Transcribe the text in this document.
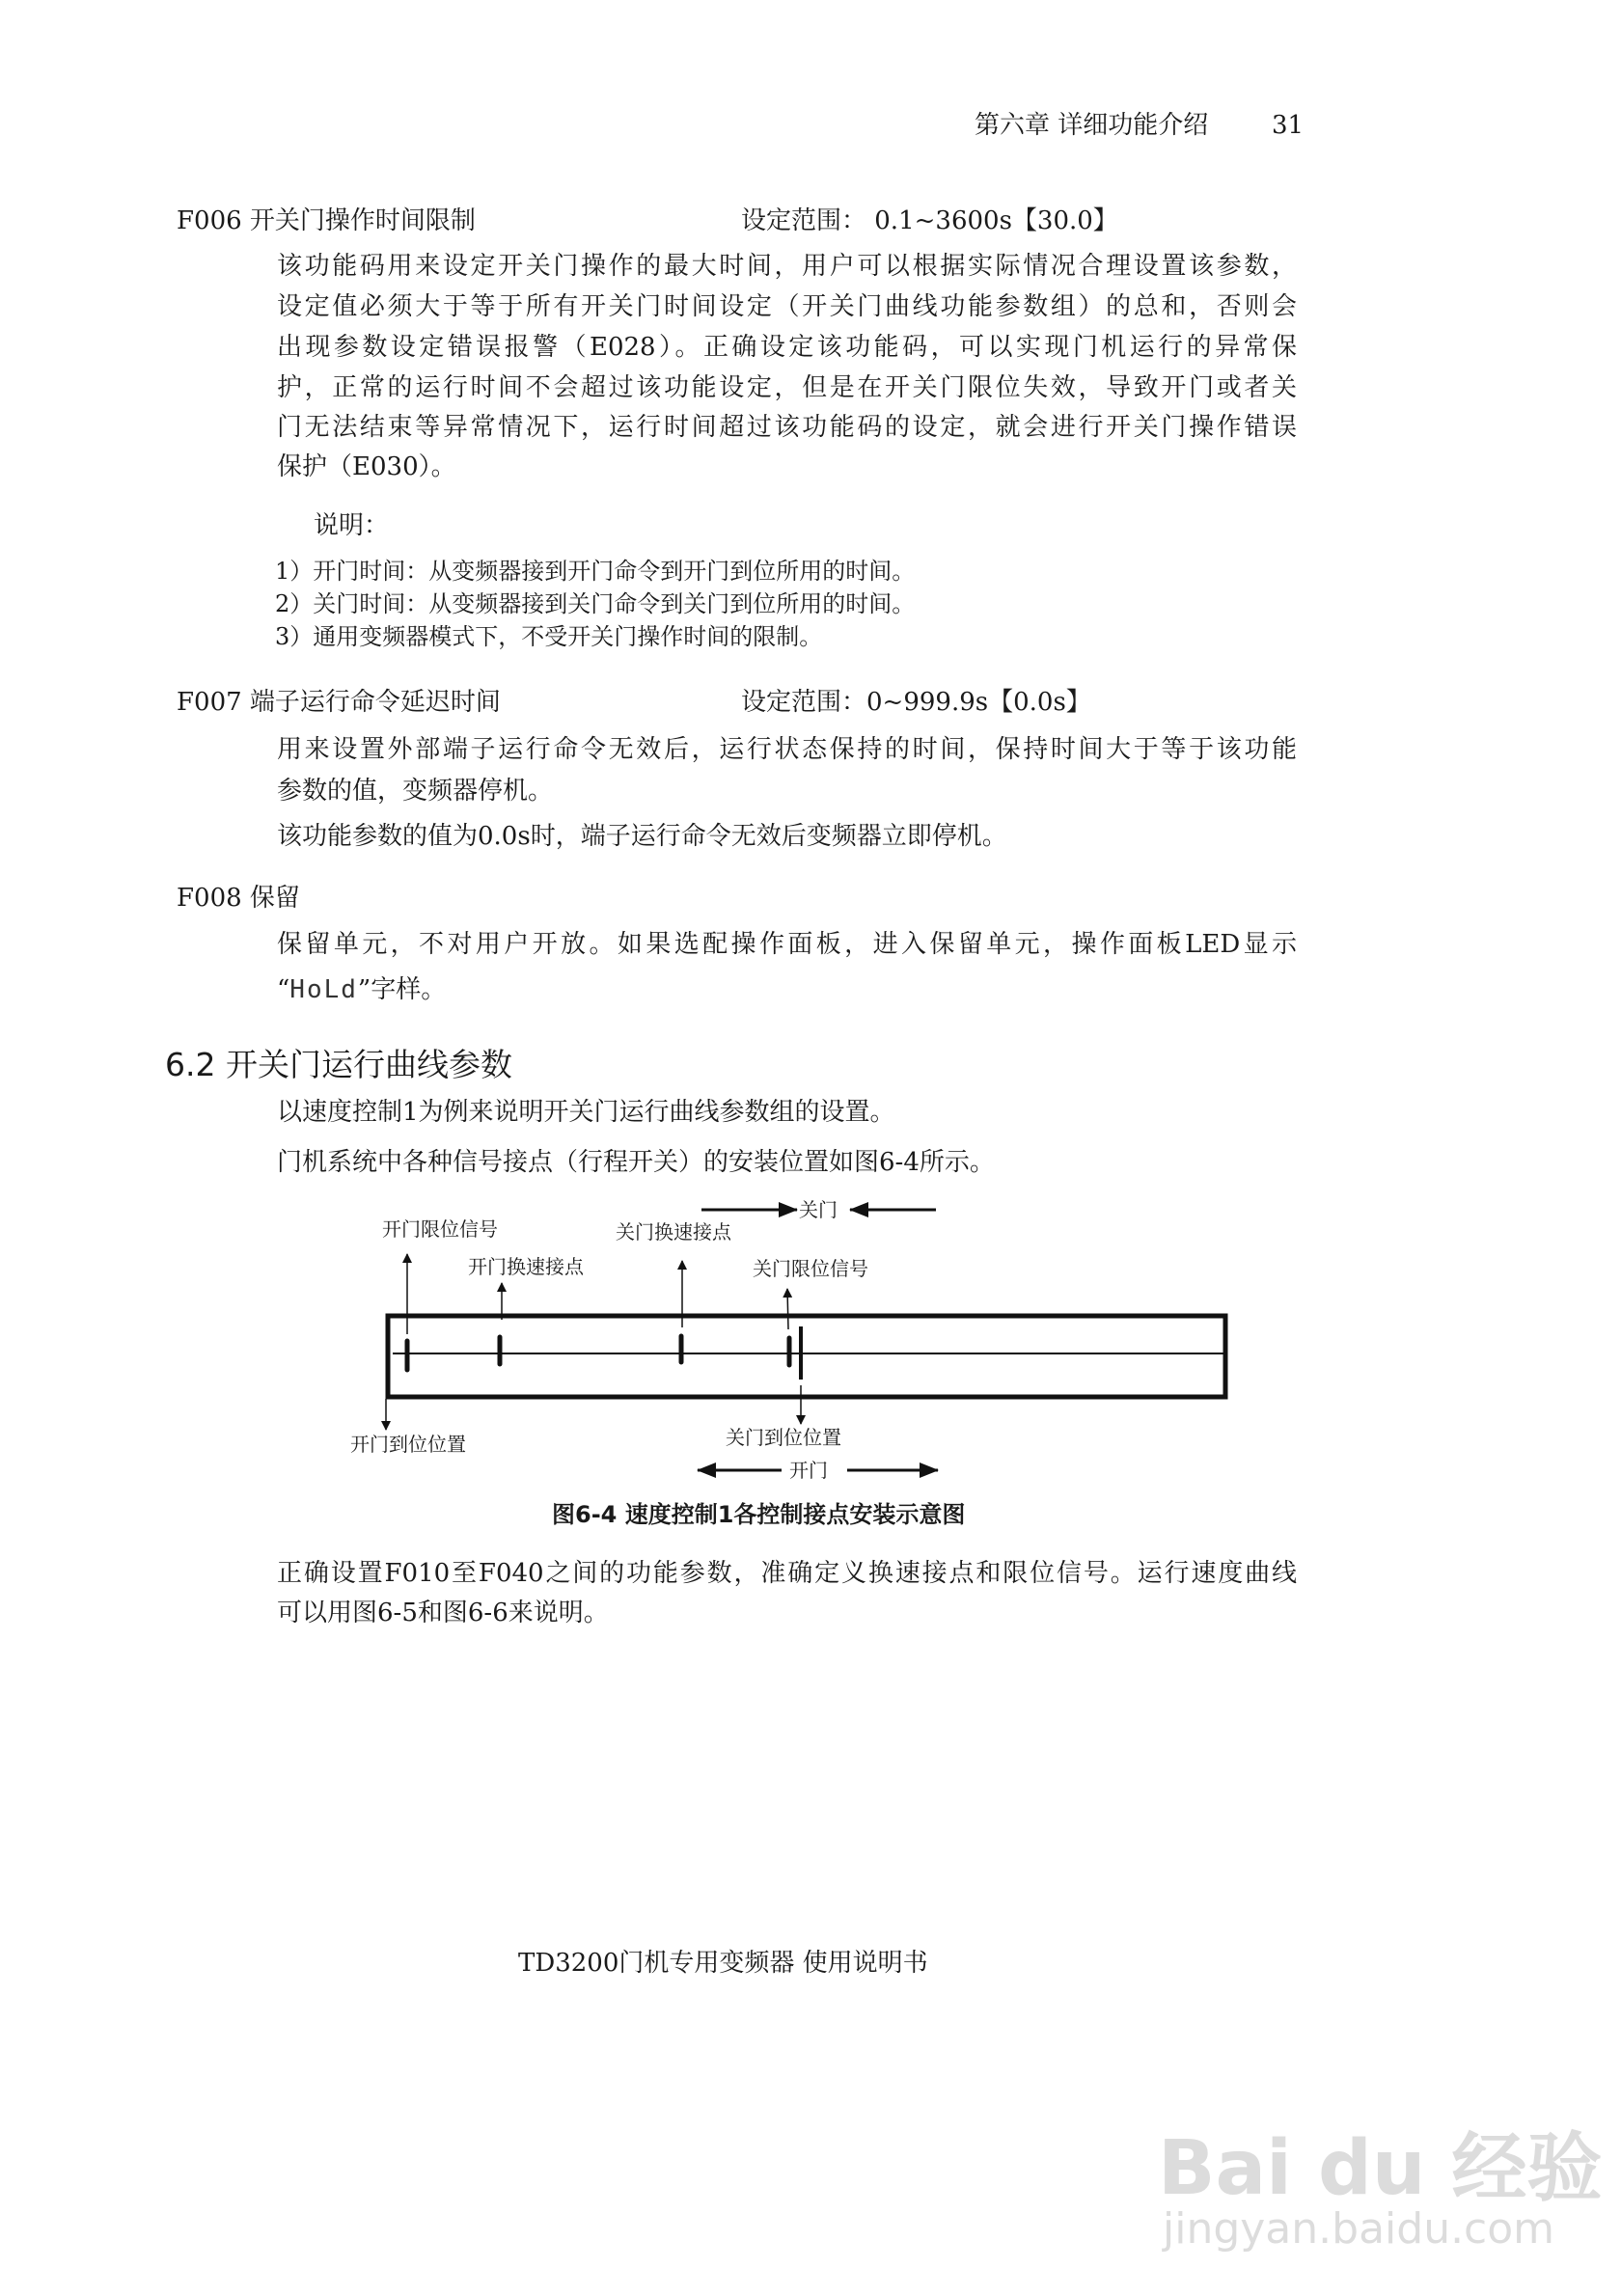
第六章 详细功能介绍	31
F006 开关门操作时间限制	设定范围： 0.1~3600s【30.0】
该功能码用来设定开关门操作的最大时间，用户可以根据实际情况合理设置该参数，
设定值必须大于等于所有开关门时间设定（开关门曲线功能参数组）的总和，否则会
出现参数设定错误报警（E028）。正确设定该功能码，可以实现门机运行的异常保
护，正常的运行时间不会超过该功能设定，但是在开关门限位失效，导致开门或者关
门无法结束等异常情况下，运行时间超过该功能码的设定，就会进行开关门操作错误
保护（E030）。
说明：
1）开门时间：从变频器接到开门命令到开门到位所用的时间。
2）关门时间：从变频器接到关门命令到关门到位所用的时间。
3）通用变频器模式下，不受开关门操作时间的限制。
F007 端子运行命令延迟时间	设定范围：0~999.9s【0.0s】
用来设置外部端子运行命令无效后，运行状态保持的时间，保持时间大于等于该功能
参数的值，变频器停机。
该功能参数的值为0.0s时，端子运行命令无效后变频器立即停机。
F008 保留
保留单元，不对用户开放。如果选配操作面板，进入保留单元，操作面板LED显示
“HoLd”字样。
6.2 开关门运行曲线参数
以速度控制1为例来说明开关门运行曲线参数组的设置。
门机系统中各种信号接点（行程开关）的安装位置如图6-4所示。
开门限位信号
开门换速接点
关门换速接点
关门限位信号
关门
开门到位位置	关门到位位置
开门
图6-4 速度控制1各控制接点安装示意图
正确设置F010至F040之间的功能参数，准确定义换速接点和限位信号。运行速度曲线
可以用图6-5和图6-6来说明。
TD3200门机专用变频器 使用说明书
Bai du 经验
jingyan.baidu.com
